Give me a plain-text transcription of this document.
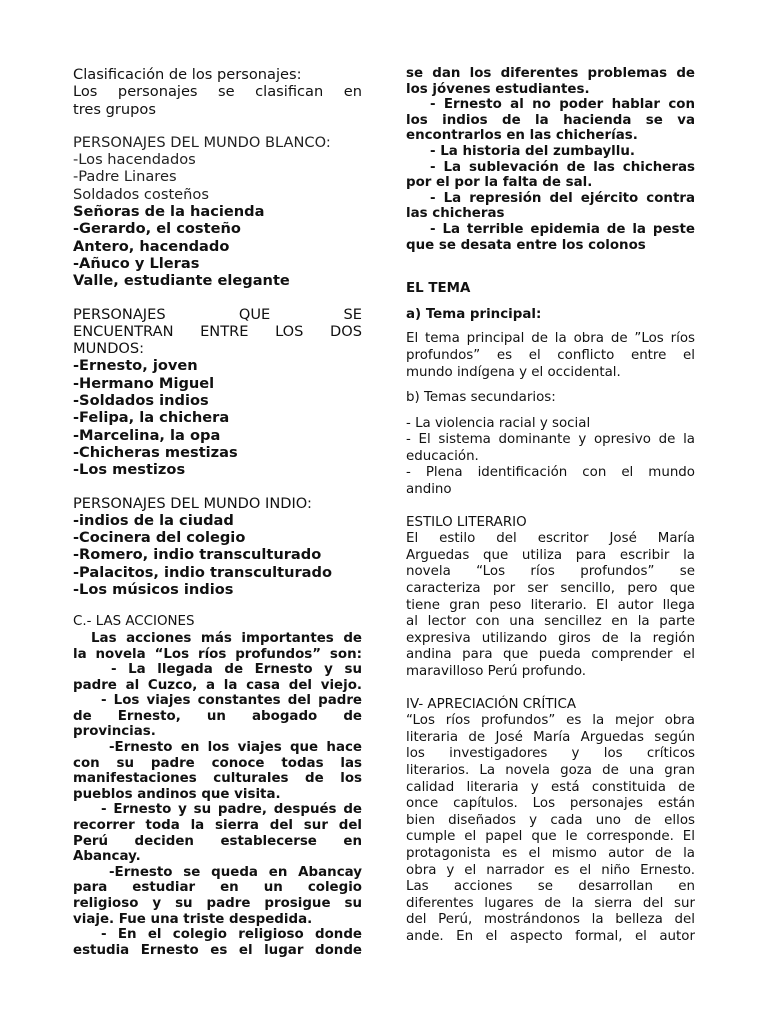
Clasificación de los personajes:

Los personajes se clasifican en

tres grupos

PERSONAJES DEL MUNDO BLANCO:

-Los hacendados

-Padre Linares

Soldados costeños

Señoras de la hacienda

-Gerardo, el costeño

Antero, hacendado

-Añuco y Lleras

Valle, estudiante elegante

PERSONAJES QUE SE

ENCUENTRAN ENTRE LOS DOS

MUNDOS:

-Ernesto, joven

-Hermano Miguel

-Soldados indios

-Felipa, la chichera

-Marcelina, la opa

-Chicheras mestizas

-Los mestizos

PERSONAJES DEL MUNDO INDIO:

-indios de la ciudad

-Cocinera del colegio

-Romero, indio transculturado

-Palacitos, indio transculturado

-Los músicos indios

C.- LAS ACCIONES

Las acciones más importantes de

la novela “Los ríos profundos” son:

- La llegada de Ernesto y su

padre al Cuzco, a la casa del viejo.

- Los viajes constantes del padre

de Ernesto, un abogado de

provincias.

-Ernesto en los viajes que hace

con su padre conoce todas las

manifestaciones culturales de los

pueblos andinos que visita.

- Ernesto y su padre, después de

recorrer toda la sierra del sur del

Perú deciden establecerse en

Abancay.

-Ernesto se queda en Abancay

para estudiar en un colegio

religioso y su padre prosigue su

viaje. Fue una triste despedida.

- En el colegio religioso donde

estudia Ernesto es el lugar donde

se dan los diferentes problemas de

los jóvenes estudiantes.

- Ernesto al no poder hablar con

los indios de la hacienda se va

encontrarlos en las chicherías.

- La historia del zumbayllu.

- La sublevación de las chicheras

por el por la falta de sal.

- La represión del ejército contra

las chicheras

- La terrible epidemia de la peste

que se desata entre los colonos

EL TEMA

a) Tema principal:

El tema principal de la obra de ”Los ríos

profundos” es el conflicto entre el

mundo indígena y el occidental.

b) Temas secundarios:

- La violencia racial y social

- El sistema dominante y opresivo de la

educación.

- Plena identificación con el mundo

andino

ESTILO LITERARIO

El estilo del escritor José María

Arguedas que utiliza para escribir la

novela “Los ríos profundos” se

caracteriza por ser sencillo, pero que

tiene gran peso literario. El autor llega

al lector con una sencillez en la parte

expresiva utilizando giros de la región

andina para que pueda comprender el

maravilloso Perú profundo.

IV- APRECIACIÓN CRÍTICA

“Los ríos profundos” es la mejor obra

literaria de José María Arguedas según

los investigadores y los críticos

literarios. La novela goza de una gran

calidad literaria y está constituida de

once capítulos. Los personajes están

bien diseñados y cada uno de ellos

cumple el papel que le corresponde. El

protagonista es el mismo autor de la

obra y el narrador es el niño Ernesto.

Las acciones se desarrollan en

diferentes lugares de la sierra del sur

del Perú, mostrándonos la belleza del

ande. En el aspecto formal, el autor
